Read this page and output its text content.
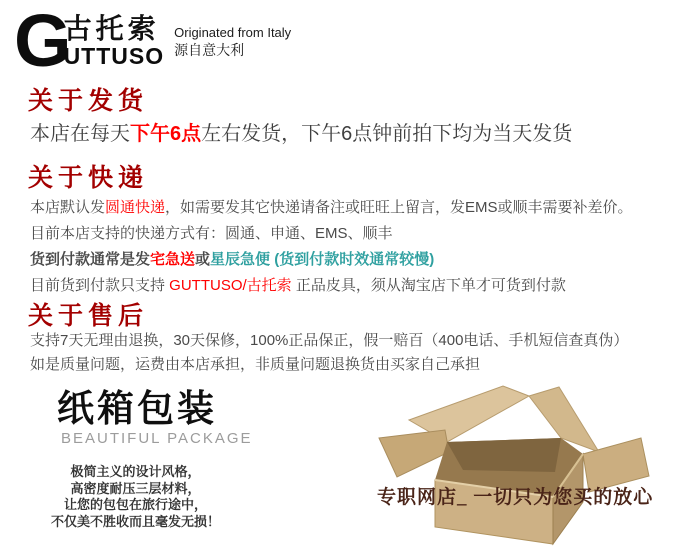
G
古托索
UTTUSO
Originated from Italy
源自意大利
关于发货
本店在每天下午6点左右发货，下午6点钟前拍下均为当天发货
关于快递
本店默认发圆通快递，如需要发其它快递请备注或旺旺上留言，发EMS或顺丰需要补差价。
目前本店支持的快递方式有：圆通、申通、EMS、顺丰
货到付款通常是发宅急送或星辰急便 (货到付款时效通常较慢)
目前货到付款只支持 GUTTUSO/古托索 正品皮具，须从淘宝店下单才可货到付款
关于售后
支持7天无理由退换，30天保修，100%正品保正，假一赔百（400电话、手机短信查真伪）
如是质量问题，运费由本店承担，非质量问题退换货由买家自己承担
纸箱包装
BEAUTIFUL PACKAGE
极简主义的设计风格，
高密度耐压三层材料，
让您的包包在旅行途中，
不仅美不胜收而且毫发无损！
专职网店_ 一切只为您买的放心
